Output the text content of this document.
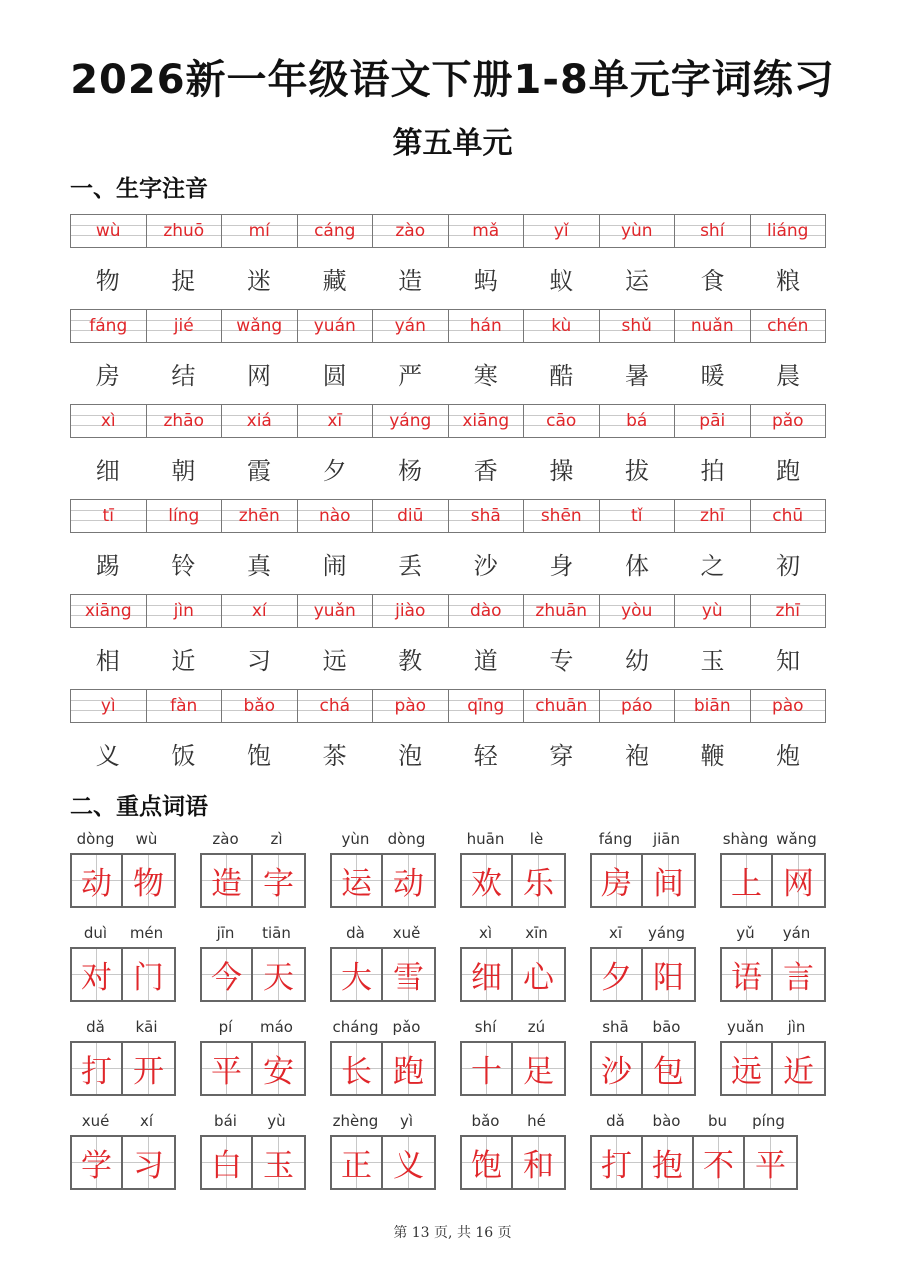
2026新一年级语文下册1-8单元字词练习
第五单元
一、生字注音
wù	zhuō	mí	cáng	zào	mǎ	yǐ	yùn	shí	liáng
物	捉	迷	藏	造	蚂	蚁	运	食	粮
fáng	jié	wǎng	yuán	yán	hán	kù	shǔ	nuǎn	chén
房	结	网	圆	严	寒	酷	暑	暖	晨
xì	zhāo	xiá	xī	yáng	xiāng	cāo	bá	pāi	pǎo
细	朝	霞	夕	杨	香	操	拔	拍	跑
tī	líng	zhēn	nào	diū	shā	shēn	tǐ	zhī	chū
踢	铃	真	闹	丢	沙	身	体	之	初
xiāng	jìn	xí	yuǎn	jiào	dào	zhuān	yòu	yù	zhī
相	近	习	远	教	道	专	幼	玉	知
yì	fàn	bǎo	chá	pào	qīng	chuān	páo	biān	pào
义	饭	饱	茶	泡	轻	穿	袍	鞭	炮
二、重点词语
dòng	wù
动 物
zào	zì
造 字
yùn	dòng
运 动
huān	lè
欢 乐
fáng	jiān
房 间
shàng wǎng
上 网
duì	mén
对 门
jīn	tiān
今 天
dà	xuě
大 雪
xì	xīn
细 心
xī	yáng
夕 阳
yǔ	yán
语 言
dǎ	kāi
打 开
pí	máo
平 安
cháng pǎo
长 跑
shí	zú
十 足
shā	bāo
沙 包
yuǎn	jìn
远 近
xué	xí
学 习
bái	yù
白 玉
zhèng	yì
正 义
bǎo	hé
饱 和
dǎ	bào	bu	píng
打 抱 不 平
第 13 页, 共 16 页
